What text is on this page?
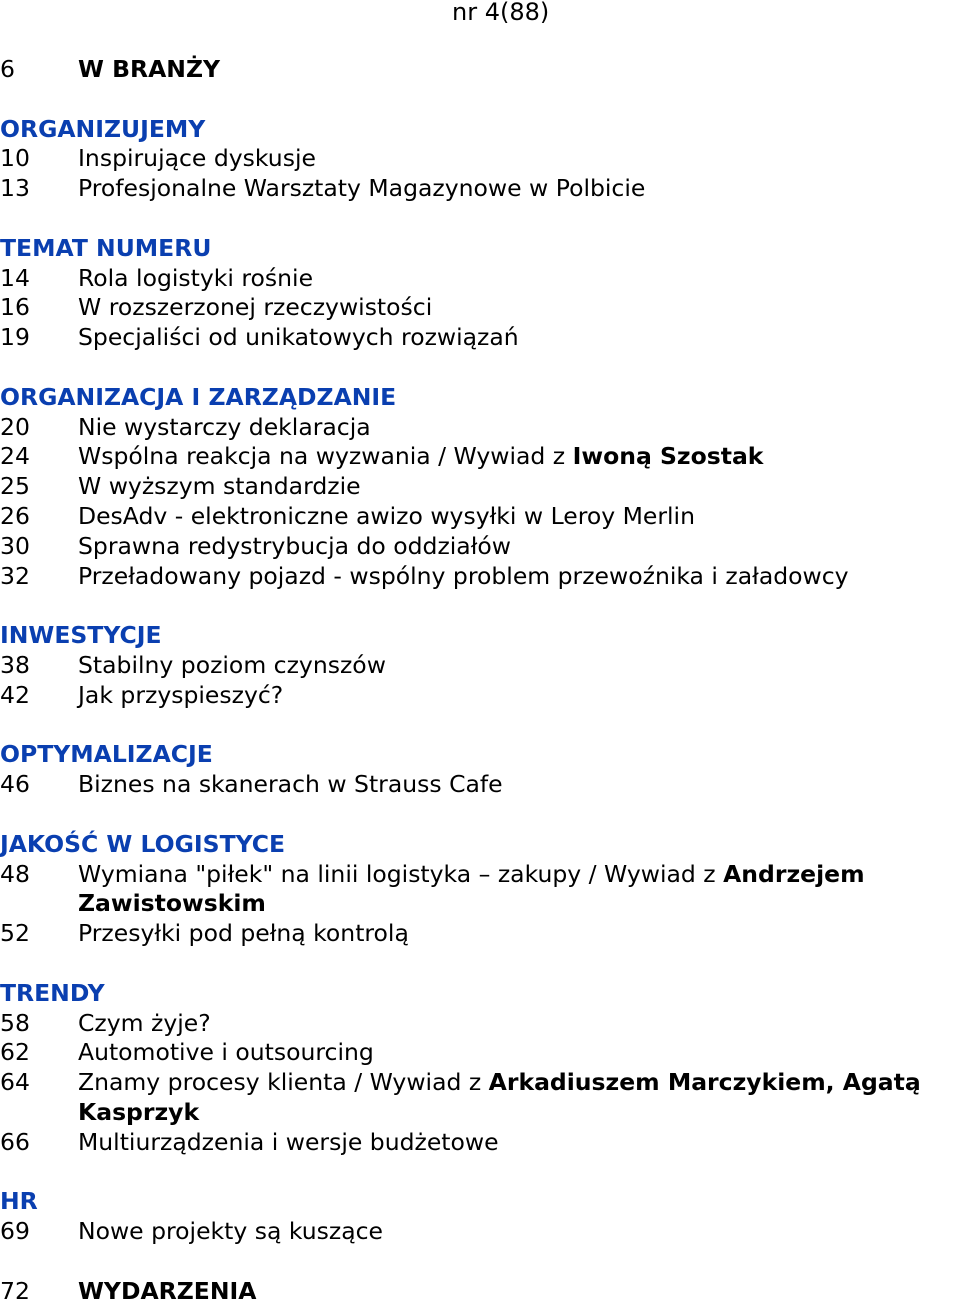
nr 4(88)
6	W BRANŻY
ORGANIZUJEMY
10	Inspirujące dyskusje
13	Profesjonalne Warsztaty Magazynowe w Polbicie
TEMAT NUMERU
14	Rola logistyki rośnie
16	W rozszerzonej rzeczywistości
19	Specjaliści od unikatowych rozwiązań
ORGANIZACJA I ZARZĄDZANIE
20	Nie wystarczy deklaracja
24	Wspólna reakcja na wyzwania / Wywiad z Iwoną Szostak
25	W wyższym standardzie
26	DesAdv - elektroniczne awizo wysyłki w Leroy Merlin
30	Sprawna redystrybucja do oddziałów
32	Przeładowany pojazd - wspólny problem przewoźnika i załadowcy
INWESTYCJE
38	Stabilny poziom czynszów
42	Jak przyspieszyć?
OPTYMALIZACJE
46	Biznes na skanerach w Strauss Cafe
JAKOŚĆ W LOGISTYCE
48	Wymiana "piłek" na linii logistyka – zakupy / Wywiad z Andrzejem Zawistowskim
52	Przesyłki pod pełną kontrolą
TRENDY
58	Czym żyje?
62	Automotive i outsourcing
64	Znamy procesy klienta / Wywiad z Arkadiuszem Marczykiem, Agatą Kasprzyk
66	Multiurządzenia i wersje budżetowe
HR
69	Nowe projekty są kuszące
72	WYDARZENIA
